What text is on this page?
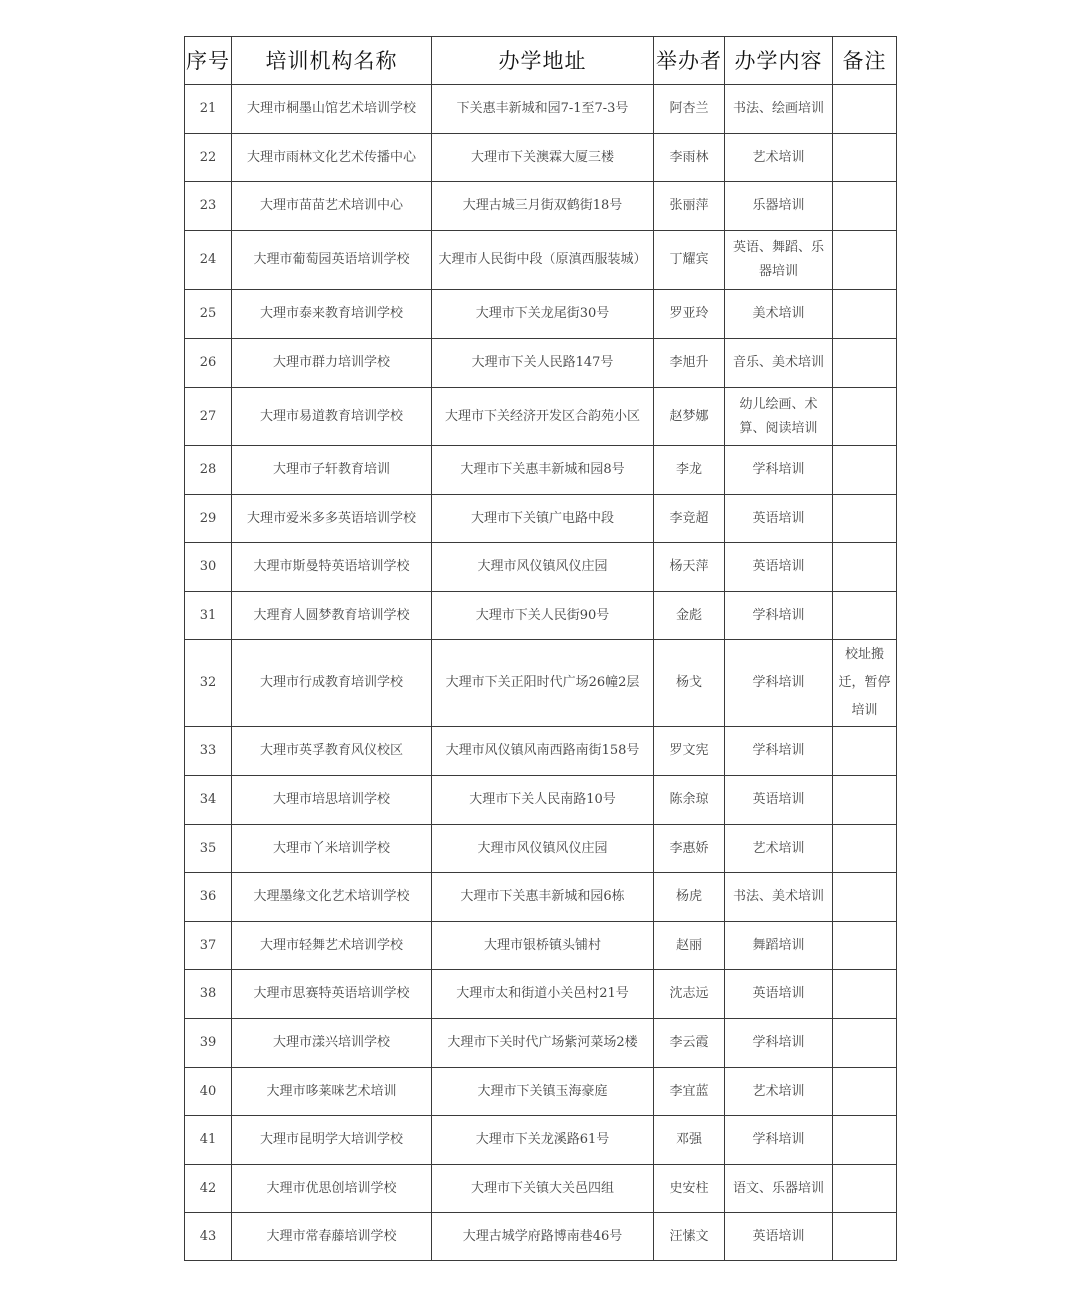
序号	培训机构名称	办学地址	举办者	办学内容	备注
21	大理市桐墨山馆艺术培训学校	下关惠丰新城和园7-1至7-3号	阿杏兰	书法、绘画培训	
22	大理市雨林文化艺术传播中心	大理市下关澳霖大厦三楼	李雨林	艺术培训	
23	大理市苗苗艺术培训中心	大理古城三月街双鹤街18号	张丽萍	乐器培训	
24	大理市葡萄园英语培训学校	大理市人民街中段（原滇西服装城）	丁耀宾	英语、舞蹈、乐器培训	
25	大理市泰来教育培训学校	大理市下关龙尾街30号	罗亚玲	美术培训	
26	大理市群力培训学校	大理市下关人民路147号	李旭升	音乐、美术培训	
27	大理市易道教育培训学校	大理市下关经济开发区合韵苑小区	赵梦娜	幼儿绘画、术算、阅读培训	
28	大理市子轩教育培训	大理市下关惠丰新城和园8号	李龙	学科培训	
29	大理市爱米多多英语培训学校	大理市下关镇广电路中段	李竞超	英语培训	
30	大理市斯曼特英语培训学校	大理市风仪镇风仪庄园	杨天萍	英语培训	
31	大理育人圆梦教育培训学校	大理市下关人民街90号	金彪	学科培训	
32	大理市行成教育培训学校	大理市下关正阳时代广场26幢2层	杨戈	学科培训	校址搬迁，暂停培训
33	大理市英孚教育风仪校区	大理市风仪镇风南西路南街158号	罗文宪	学科培训	
34	大理市培思培训学校	大理市下关人民南路10号	陈余琼	英语培训	
35	大理市丫米培训学校	大理市风仪镇风仪庄园	李惠娇	艺术培训	
36	大理墨缘文化艺术培训学校	大理市下关惠丰新城和园6栋	杨虎	书法、美术培训	
37	大理市轻舞艺术培训学校	大理市银桥镇头铺村	赵丽	舞蹈培训	
38	大理市思赛特英语培训学校	大理市太和街道小关邑村21号	沈志远	英语培训	
39	大理市漾兴培训学校	大理市下关时代广场紫河菜场2楼	李云霞	学科培训	
40	大理市哆莱咪艺术培训	大理市下关镇玉海豪庭	李宜蓝	艺术培训	
41	大理市昆明学大培训学校	大理市下关龙溪路61号	邓强	学科培训	
42	大理市优思创培训学校	大理市下关镇大关邑四组	史安柱	语文、乐器培训	
43	大理市常春藤培训学校	大理古城学府路博南巷46号	汪愫文	英语培训	
